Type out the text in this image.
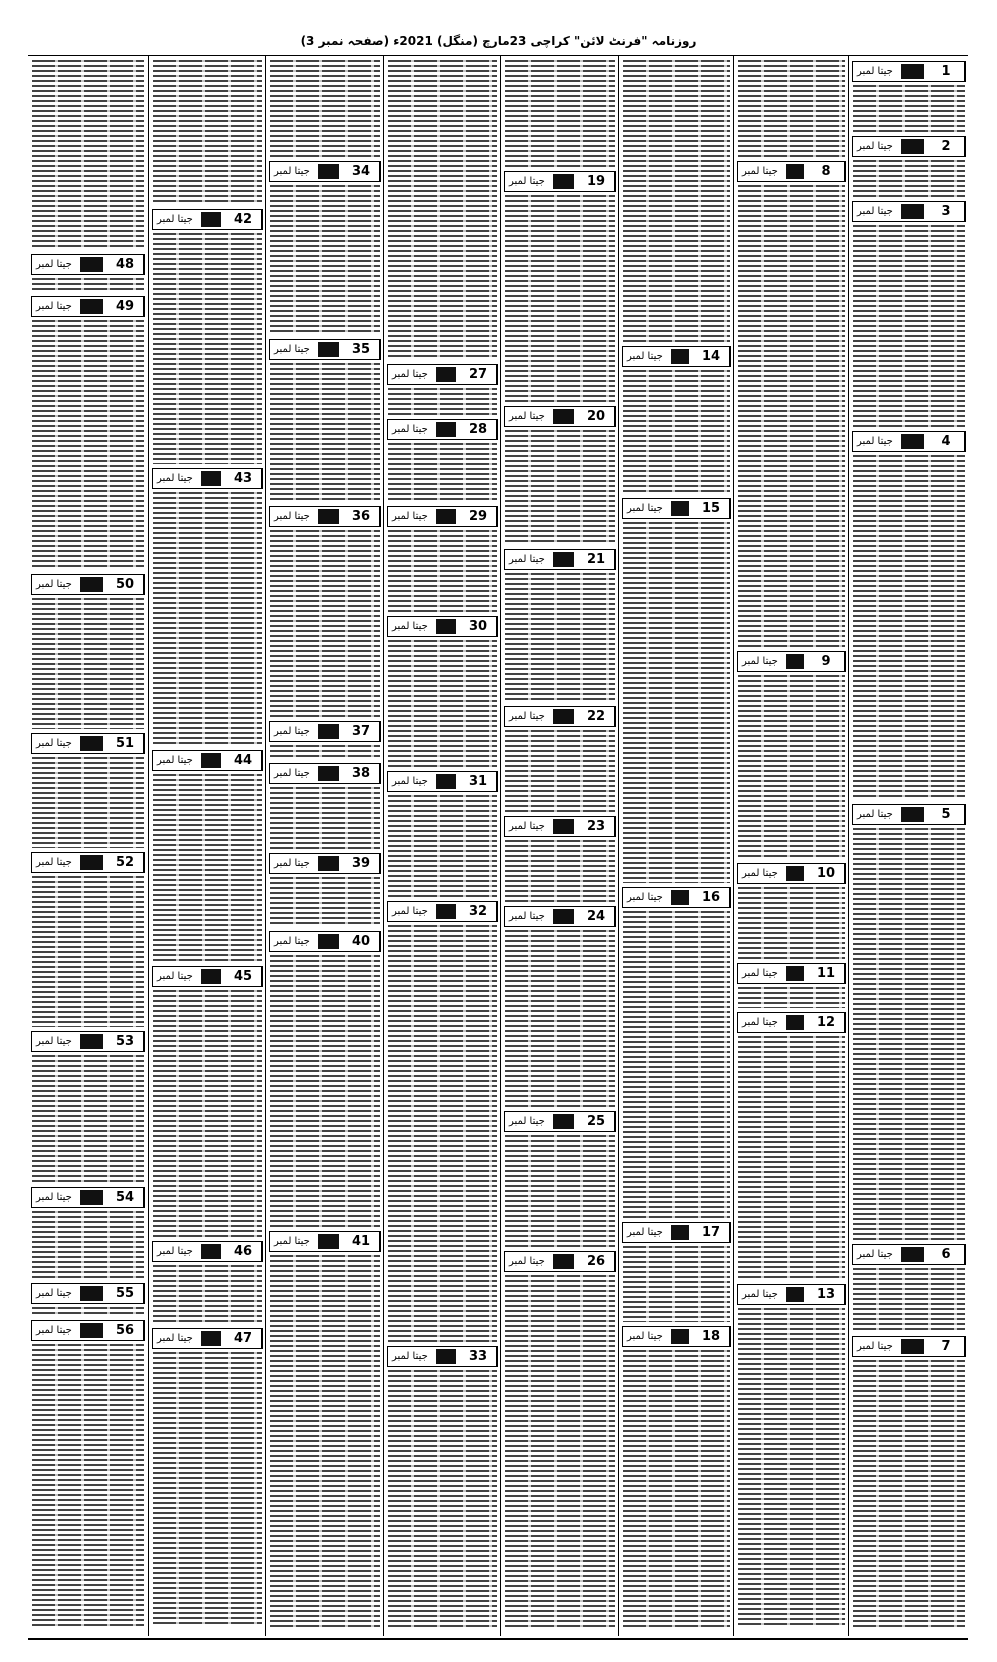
روزنامہ "فرنٹ لائن" کراچی 23مارچ (منگل) 2021ء (صفحہ نمبر 3)
جیتا لمبر	1
جیتا لمبر	2
جیتا لمبر	3
جیتا لمبر	4
جیتا لمبر	5
جیتا لمبر	6
جیتا لمبر	7
جیتا لمبر	8
جیتا لمبر	9
جیتا لمبر	10
جیتا لمبر	11
جیتا لمبر	12
جیتا لمبر	13
جیتا لمبر	14
جیتا لمبر	15
جیتا لمبر	16
جیتا لمبر	17
جیتا لمبر	18
جیتا لمبر	19
جیتا لمبر	20
جیتا لمبر	21
جیتا لمبر	22
جیتا لمبر	23
جیتا لمبر	24
جیتا لمبر	25
جیتا لمبر	26
جیتا لمبر	27
جیتا لمبر	28
جیتا لمبر	29
جیتا لمبر	30
جیتا لمبر	31
جیتا لمبر	32
جیتا لمبر	33
جیتا لمبر	34
جیتا لمبر	35
جیتا لمبر	36
جیتا لمبر	37
جیتا لمبر	38
جیتا لمبر	39
جیتا لمبر	40
جیتا لمبر	41
جیتا لمبر	42
جیتا لمبر	43
جیتا لمبر	44
جیتا لمبر	45
جیتا لمبر	46
جیتا لمبر	47
جیتا لمبر	48
جیتا لمبر	49
جیتا لمبر	50
جیتا لمبر	51
جیتا لمبر	52
جیتا لمبر	53
جیتا لمبر	54
جیتا لمبر	55
جیتا لمبر	56
